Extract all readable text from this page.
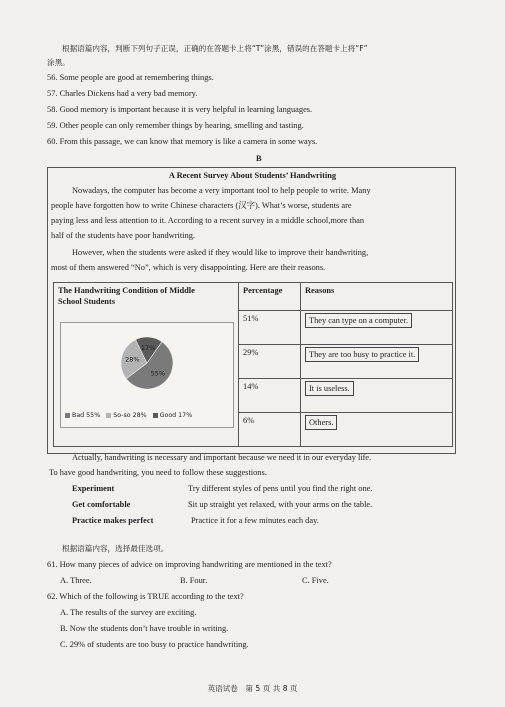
根据语篇内容，判断下列句子正误，正确的在答题卡上将“T”涂黑，错误的在答题卡上将“F”
涂黑。
56. Some people are good at remembering things.
57. Charles Dickens had a very bad memory.
58. Good memory is important because it is very helpful in learning languages.
59. Other people can only remember things by hearing, smelling and tasting.
60. From this passage, we can know that memory is like a camera in some ways.
B
A Recent Survey About Students’ Handwriting
Nowadays, the computer has become a very important tool to help people to write. Many
people have forgotten how to write Chinese characters (汉字). What’s worse, students are
paying less and less attention to it. According to a recent survey in a middle school,more than
half of the students have poor handwriting.
However, when the students were asked if they would like to improve their handwriting,
most of them answered “No”, which is very disappointing. Here are their reasons.
The Handwriting Condition of Middle
School Students	Percentage	Reasons
	51%	They can type on a computer.
	29%	They are too busy to practice it.
	14%	It is useless.
	6%	Others.
55%
28%
17%
Bad 55% So-so 28% Good 17%
Actually, handwriting is necessary and important because we need it in our everyday life.
To have good handwriting, you need to follow these suggestions.
Experiment	Try different styles of pens until you find the right one.
Get comfortable	Sit up straight yet relaxed, with your arms on the table.
Practice makes perfect	Practice it for a few minutes each day.
根据语篇内容，选择最佳选项。
61. How many pieces of advice on improving handwriting are mentioned in the text?
A. Three.	B. Four.	C. Five.
62. Which of the following is TRUE according to the text?
A. The results of the survey are exciting.
B. Now the students don’t have trouble in writing.
C. 29% of students are too busy to practice handwriting.
英语试卷　第 5 页 共 8 页
